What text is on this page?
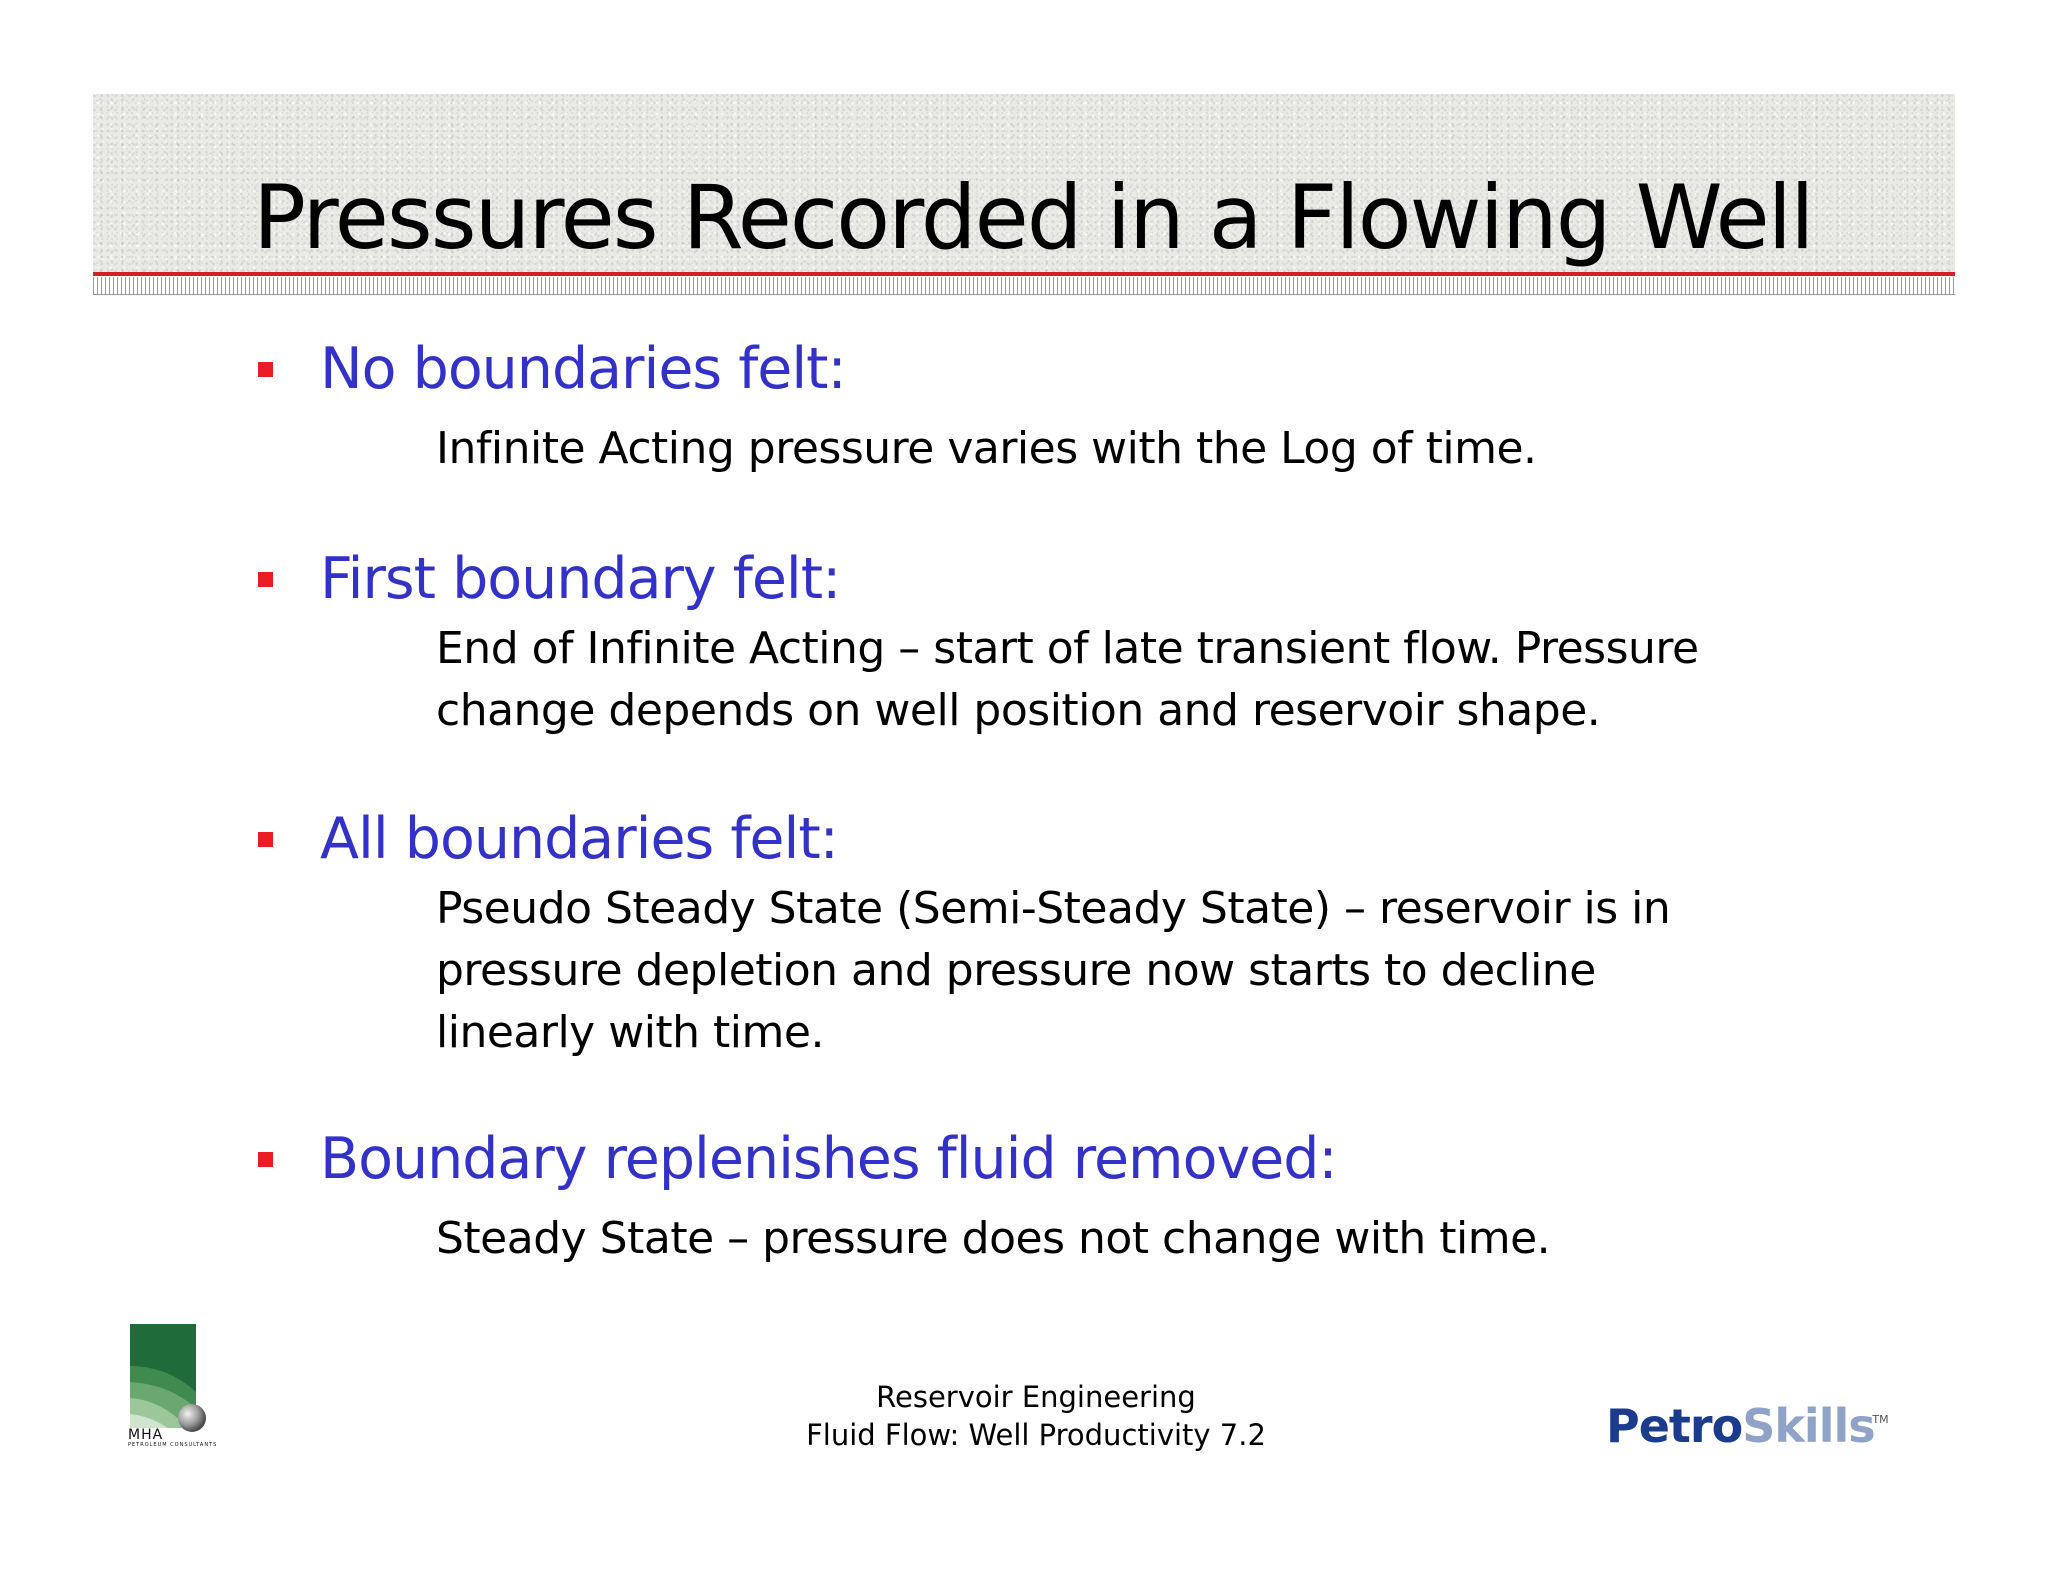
Pressures Recorded in a Flowing Well

No boundaries felt:

Infinite Acting pressure varies with the Log of time.

First boundary felt:

End of Infinite Acting – start of late transient flow. Pressure

change depends on well position and reservoir shape.

All boundaries felt:

Pseudo Steady State (Semi-Steady State) – reservoir is in

pressure depletion and pressure now starts to decline

linearly with time.

Boundary replenishes fluid removed:

Steady State – pressure does not change with time.

Reservoir Engineering
Fluid Flow: Well Productivity 7.2
MHA
PETROLEUM CONSULTANTS	PetroSkills
TM
